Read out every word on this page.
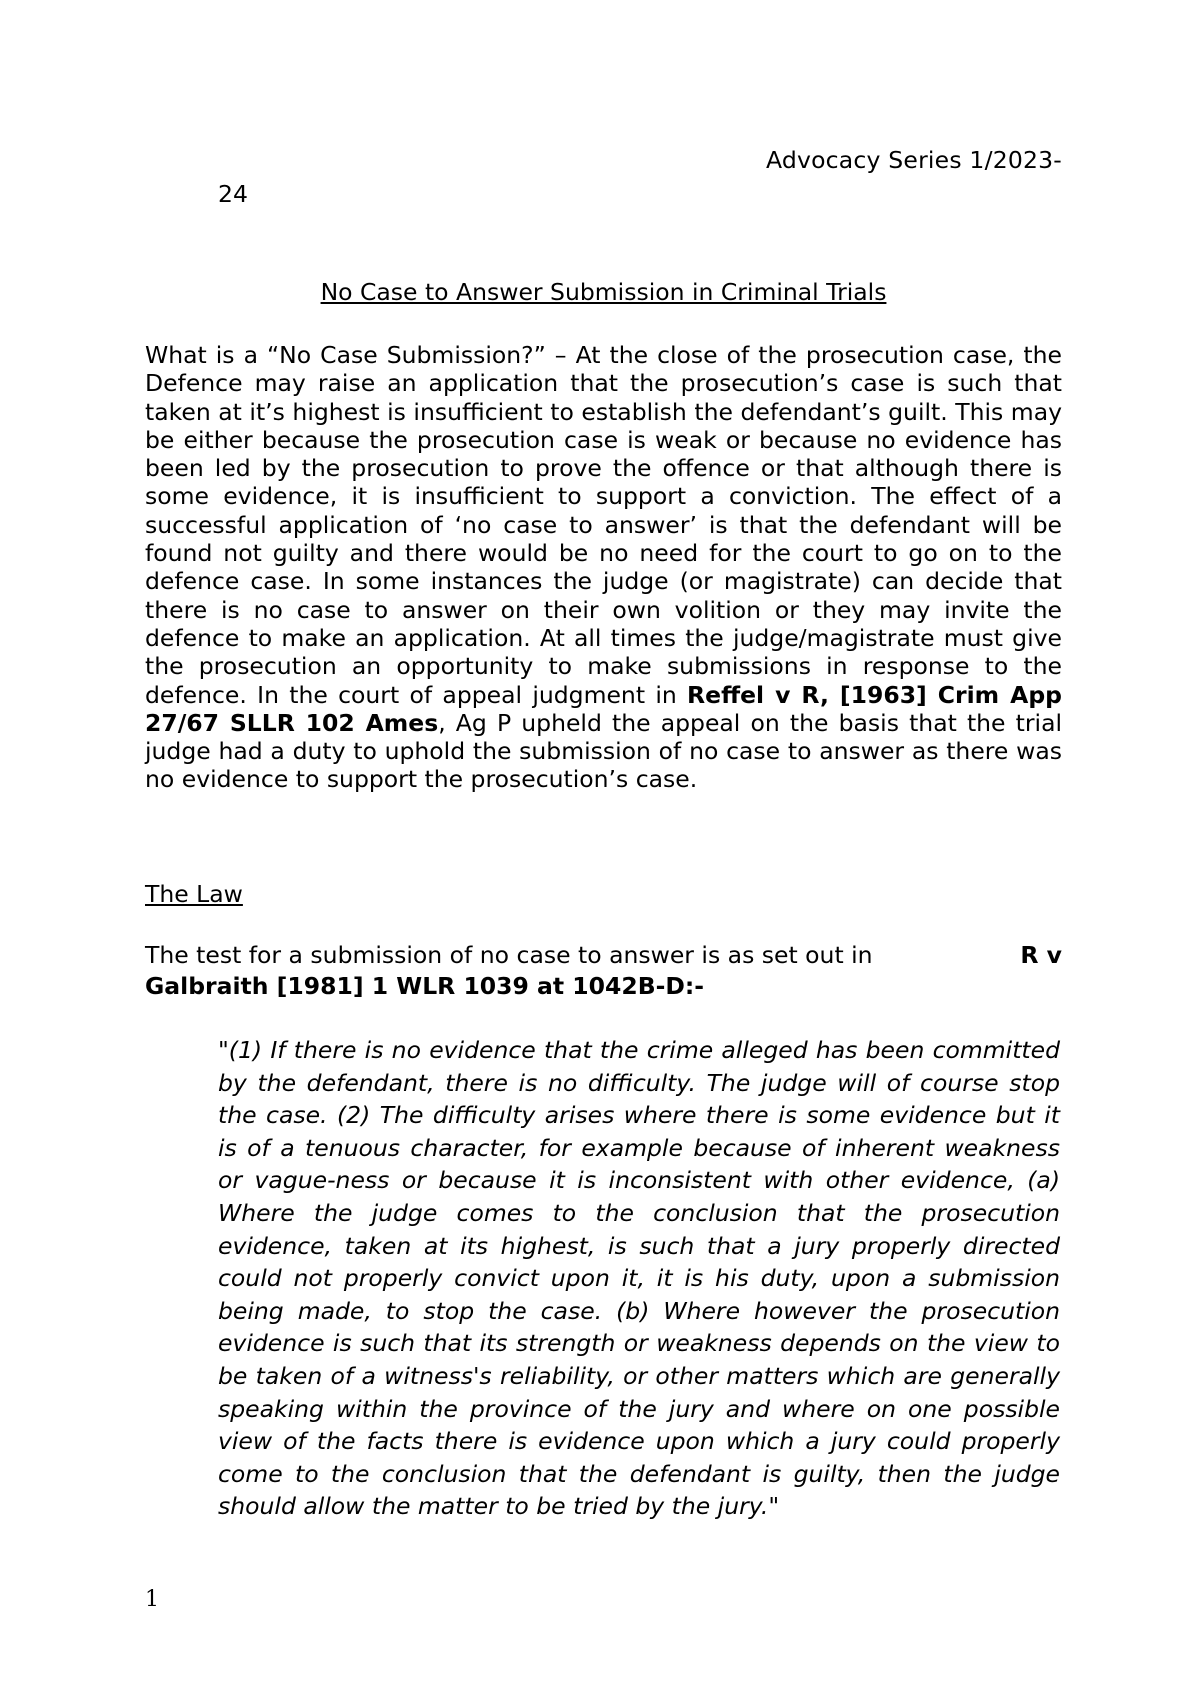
Advocacy Series 1/2023-
24
No Case to Answer Submission in Criminal Trials

What is a “No Case Submission?” – At the close of the prosecution case, the Defence may raise an application that the prosecution’s case is such that taken at it’s highest is insufficient to establish the defendant’s guilt. This may be either because the prosecution case is weak or because no evidence has been led by the prosecution to prove the offence or that although there is some evidence, it is insufficient to support a conviction. The effect of a successful application of ‘no case to answer’ is that the defendant will be found not guilty and there would be no need for the court to go on to the defence case. In some instances the judge (or magistrate) can decide that there is no case to answer on their own volition or they may invite the defence to make an application. At all times the judge/magistrate must give the prosecution an opportunity to make submissions in response to the defence. In the court of appeal judgment in Reffel v R, [1963] Crim App 27/67 SLLR 102 Ames, Ag P upheld the appeal on the basis that the trial judge had a duty to uphold the submission of no case to answer as there was no evidence to support the prosecution’s case.

The Law

R v
The test for a submission of no case to answer is as set out in
Galbraith [1981] 1 WLR 1039 at 1042B-D:-

"(1) If there is no evidence that the crime alleged has been committed by the defendant, there is no difficulty. The judge will of course stop the case. (2) The difficulty arises where there is some evidence but it is of a tenuous character, for example because of inherent weakness or vague-ness or because it is inconsistent with other evidence, (a) Where the judge comes to the conclusion that the prosecution evidence, taken at its highest, is such that a jury properly directed could not properly convict upon it, it is his duty, upon a submission being made, to stop the case. (b) Where however the prosecution evidence is such that its strength or weakness depends on the view to be taken of a witness's reliability, or other matters which are generally speaking within the province of the jury and where on one possible view of the facts there is evidence upon which a jury could properly come to the conclusion that the defendant is guilty, then the judge should allow the matter to be tried by the jury."

1
